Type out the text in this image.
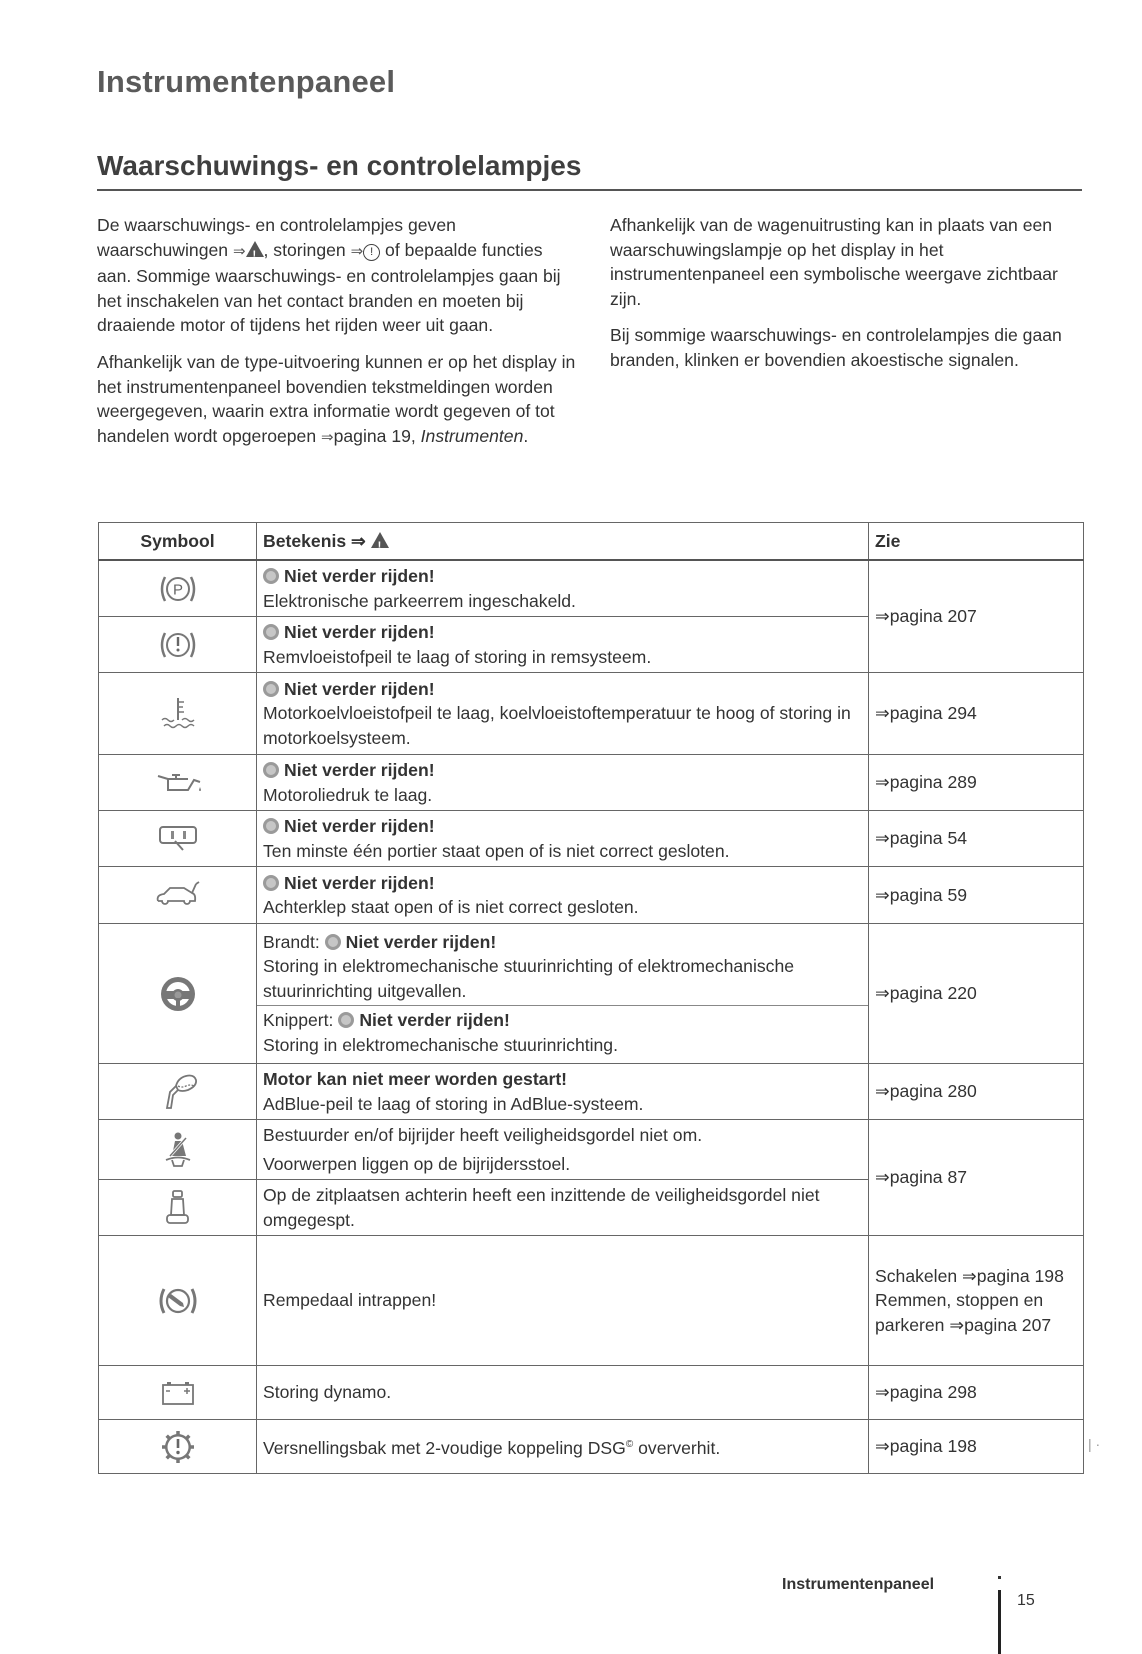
Instrumentenpaneel
Waarschuwings- en controlelampjes

De waarschuwings- en controlelampjes geven waarschuwingen ⇒ ! , storingen ⇒ ! of bepaalde functies aan. Sommige waarschuwings- en controlelampjes gaan bij het inschakelen van het contact branden en moeten bij draaiende motor of tijdens het rijden weer uit gaan.

Afhankelijk van de type-uitvoering kunnen er op het display in het instrumentenpaneel bovendien tekstmeldingen worden weergegeven, waarin extra informatie wordt gegeven of tot handelen wordt opgeroepen ⇒pagina 19, Instrumenten.

Afhankelijk van de wagenuitrusting kan in plaats van een waarschuwingslampje op het display in het instrumentenpaneel een symbolische weergave zichtbaar zijn.

Bij sommige waarschuwings- en controlelampjes die gaan branden, klinken er bovendien akoestische signalen.

Symbool	Betekenis ⇒ !	Zie

P	Niet verder rijden!
Elektronische parkeerrem ingeschakeld.	⇒pagina 207

Niet verder rijden!
Remvloeistofpeil te laag of storing in remsysteem.	

Niet verder rijden!
Motorkoelvloeistofpeil te laag, koelvloeistoftemperatuur te hoog of storing in motorkoelsysteem.	⇒pagina 294

Niet verder rijden!
Motoroliedruk te laag.	⇒pagina 289

Niet verder rijden!
Ten minste één portier staat open of is niet correct gesloten.	⇒pagina 54

Niet verder rijden!
Achterklep staat open of is niet correct gesloten.	⇒pagina 59

Brandt: Niet verder rijden!
Storing in elektromechanische stuurinrichting of elektromechanische stuurinrichting uitgevallen.
Knippert: Niet verder rijden!
Storing in elektromechanische stuurinrichting.	⇒pagina 220

Motor kan niet meer worden gestart!
AdBlue-peil te laag of storing in AdBlue-systeem.	⇒pagina 280

Bestuurder en/of bijrijder heeft veiligheidsgordel niet om.
Voorwerpen liggen op de bijrijdersstoel.	⇒pagina 87

Op de zitplaatsen achterin heeft een inzittende de veiligheidsgordel niet omgegespt.	

Rempedaal intrappen!	Schakelen ⇒pagina 198
Remmen, stoppen en parkeren ⇒pagina 207

Storing dynamo.	⇒pagina 298

	Versnellingsbak met 2-voudige koppeling DSG© oververhit.	⇒pagina 198	| ·
Instrumentenpaneel
15
